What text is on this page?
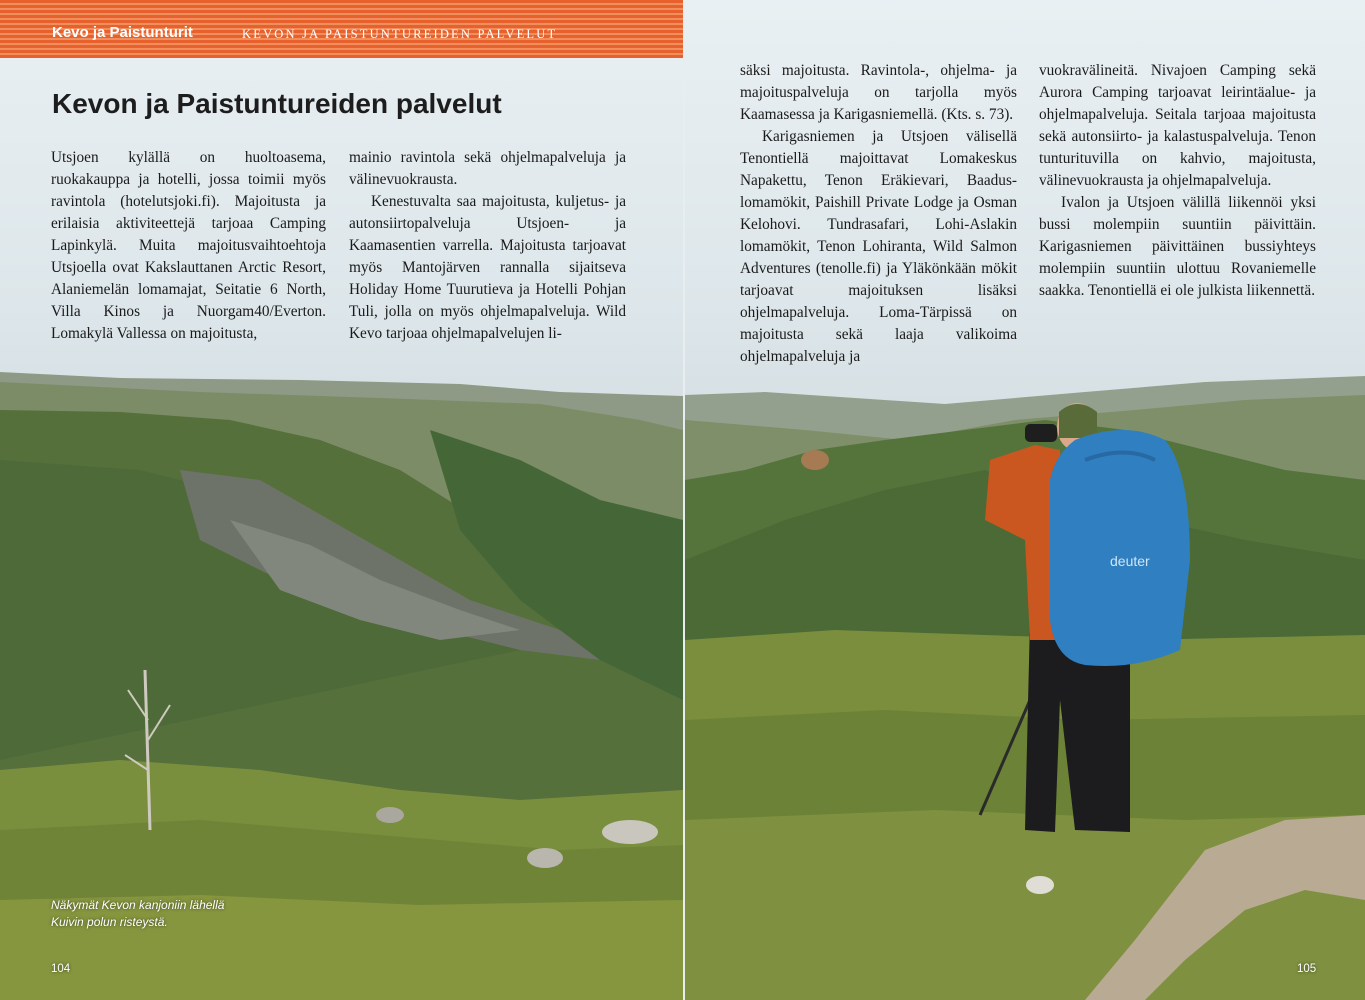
Kevo ja Paistunturit	KEVON JA PAISTUNTUREIDEN PALVELUT
Kevon ja Paistuntureiden palvelut

Utsjoen kylällä on huoltoasema, ruokakauppa ja hotelli, jossa toimii myös ravintola (hotelutsjoki.fi). Majoitusta ja erilaisia aktiviteettejä tarjoaa Camping Lapinkylä. Muita majoitusvaihtoehtoja Utsjoella ovat Kakslauttanen Arctic Resort, Alaniemelän lomamajat, Seitatie 6 North, Villa Kinos ja Nuorgam40/Everton. Lomakylä Vallessa on majoitusta,

mainio ravintola sekä ohjelmapalveluja ja välinevuokrausta.

Kenestuvalta saa majoitusta, kuljetus- ja autonsiirtopalveluja Utsjoen- ja Kaamasentien varrella. Majoitusta tarjoavat myös Mantojärven rannalla sijaitseva Holiday Home Tuurutieva ja Hotelli Pohjan Tuli, jolla on myös ohjelmapalveluja. Wild Kevo tarjoaa ohjelmapalvelujen li-

Näkymät Kevon kanjoniin lähellä
Kuivin polun risteystä.
104
deuter

säksi majoitusta. Ravintola-, ohjelma- ja majoituspalveluja on tarjolla myös Kaamasessa ja Karigasniemellä. (Kts. s. 73).

Karigasniemen ja Utsjoen välisellä Tenontiellä majoittavat Lomakeskus Napakettu, Tenon Eräkievari, Baadus-lomamökit, Paishill Private Lodge ja Osman Kelohovi. Tundrasafari, Lohi-Aslakin lomamökit, Tenon Lohiranta, Wild Salmon Adventures (tenolle.fi) ja Yläkönkään mökit tarjoavat majoituksen lisäksi ohjelmapalveluja. Loma-Tärpissä on majoitusta sekä laaja valikoima ohjelmapalveluja ja

vuokravälineitä. Nivajoen Camping sekä Aurora Camping tarjoavat leirintäalue- ja ohjelmapalveluja. Seitala tarjoaa majoitusta sekä autonsiirto- ja kalastuspalveluja. Tenon tunturituvilla on kahvio, majoitusta, välinevuokrausta ja ohjelmapalveluja.

Ivalon ja Utsjoen välillä liikennöi yksi bussi molempiin suuntiin päivittäin. Karigasniemen päivittäinen bussiyhteys molempiin suuntiin ulottuu Rovaniemelle saakka. Tenontiellä ei ole julkista liikennettä.

105
